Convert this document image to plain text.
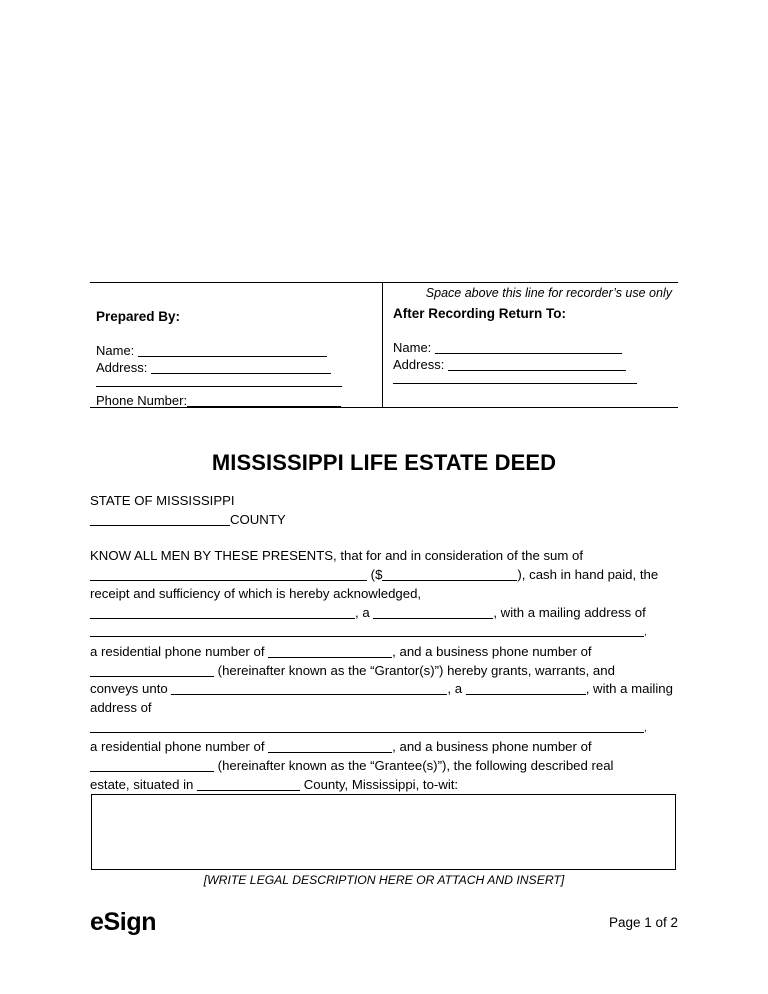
Prepared By:
Name:
Address:
Phone Number:
Space above this line for recorder’s use only
After Recording Return To:
Name:
Address:
MISSISSIPPI LIFE ESTATE DEED
STATE OF MISSISSIPPI
COUNTY
KNOW ALL MEN BY THESE PRESENTS, that for and in consideration of the sum of
($	), cash in hand paid, the
receipt and sufficiency of which is hereby acknowledged,
, a	, with a mailing address of
,
a residential phone number of	, and a business phone number of
(hereinafter known as the “Grantor(s)”) hereby grants, warrants, and
conveys unto	, a	, with a mailing
address of
,
a residential phone number of	, and a business phone number of
(hereinafter known as the “Grantee(s)”), the following described real
estate, situated in	County, Mississippi, to-wit:
[WRITE LEGAL DESCRIPTION HERE OR ATTACH AND INSERT]
eSign	Page 1 of 2
